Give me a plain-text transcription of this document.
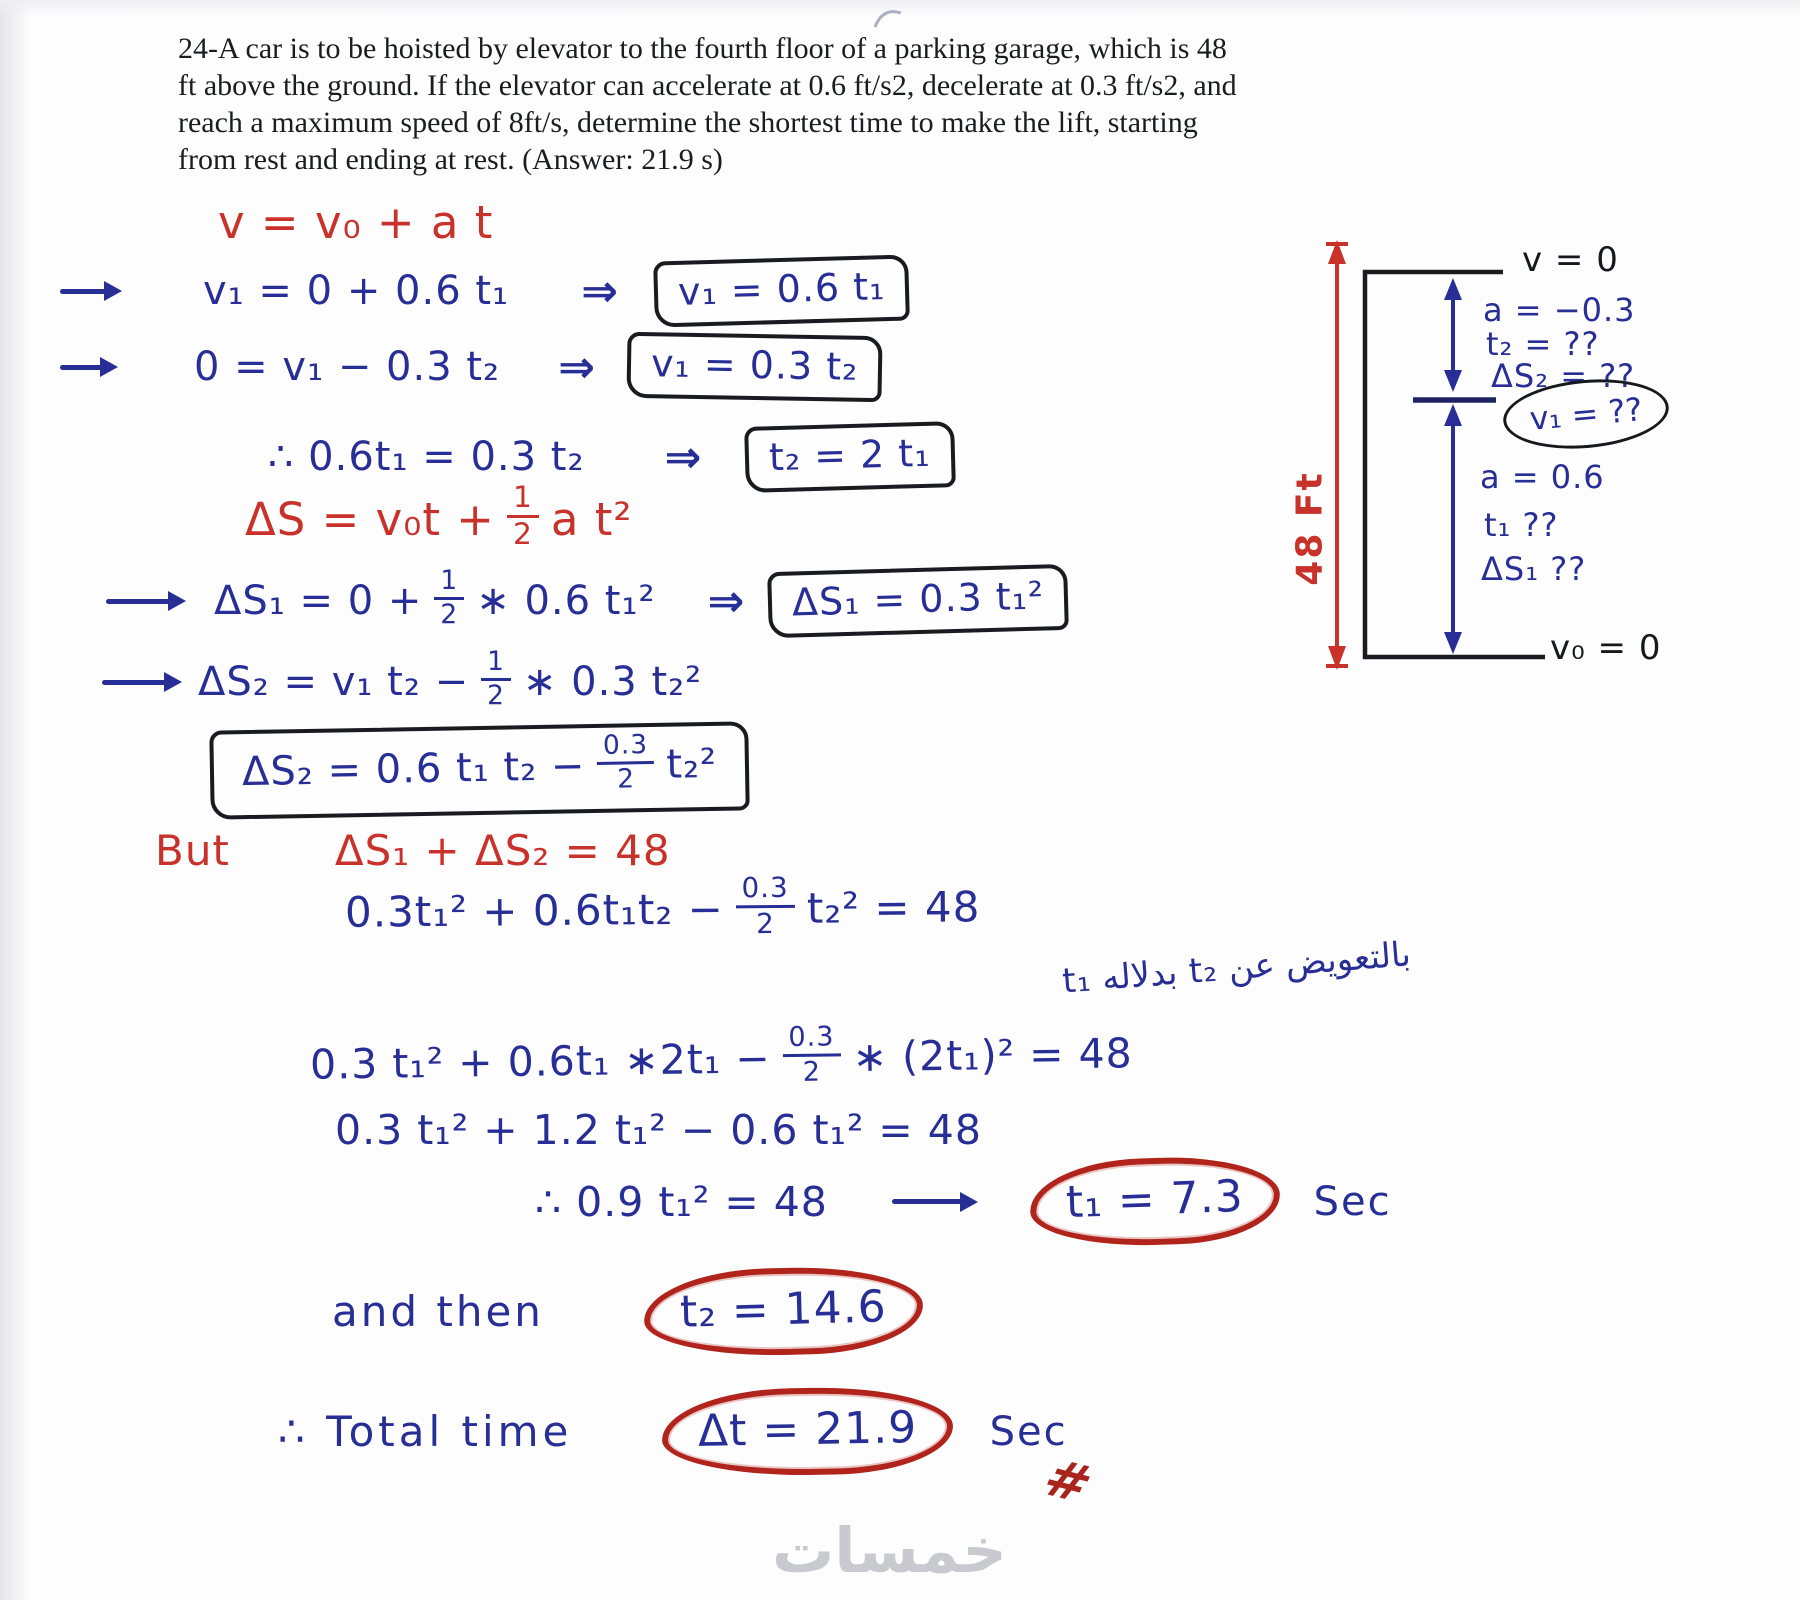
24-A car is to be hoisted by elevator to the fourth floor of a parking garage, which is 48
ft above the ground. If the elevator can accelerate at 0.6 ft/s2, decelerate at 0.3 ft/s2, and
reach a maximum speed of 8ft/s, determine the shortest time to make the lift, starting
from rest and ending at rest. (Answer: 21.9 s)
v = v₀ + a t
v₁ = 0 + 0.6 t₁ ⇒	v₁ = 0.6 t₁
0 = v₁ − 0.3 t₂ ⇒	v₁ = 0.3 t₂
∴ 0.6t₁ = 0.3 t₂ ⇒	t₂ = 2 t₁
$\Delta S = v_0t + \frac{1}{2}$ a t²
$\Delta S_1 = 0 + \frac{1}{2}$ ∗ 0.6 t₁² ⇒	ΔS₁ = 0.3 t₁²
ΔS₂ = v₁ $t_2 - \frac{1}{2}$ ∗ 0.3 t₂²
ΔS₂ = 0.6 t₁ $t_2 - \frac{0.3}{2} t_2^2$
But	ΔS₁ + ΔS₂ = 48
$0.3t_1^2 + 0.6t_1t_2 - \frac{0.3}{2} t_2^2 = 48$
بالتعويض عن t₂ بدلاله t₁
0.3 t₁² + 0.6t₁ ∗2t₁ − $\frac{0.3}{2}$ ∗ (2t₁)² = 48
0.3 t₁² + 1.2 t₁² − 0.6 t₁² = 48
∴ 0.9 t₁² = 48	t₁ = 7.3	Sec
and then	t₂ = 14.6
∴ Total time	Δt = 21.9	Sec
#
48 Ft
v = 0
a = −0.3
t₂ = ??
ΔS₂ = ??
v₁ = ??
a = 0.6
t₁ ??
ΔS₁ ??
v₀ = 0
خمسات
